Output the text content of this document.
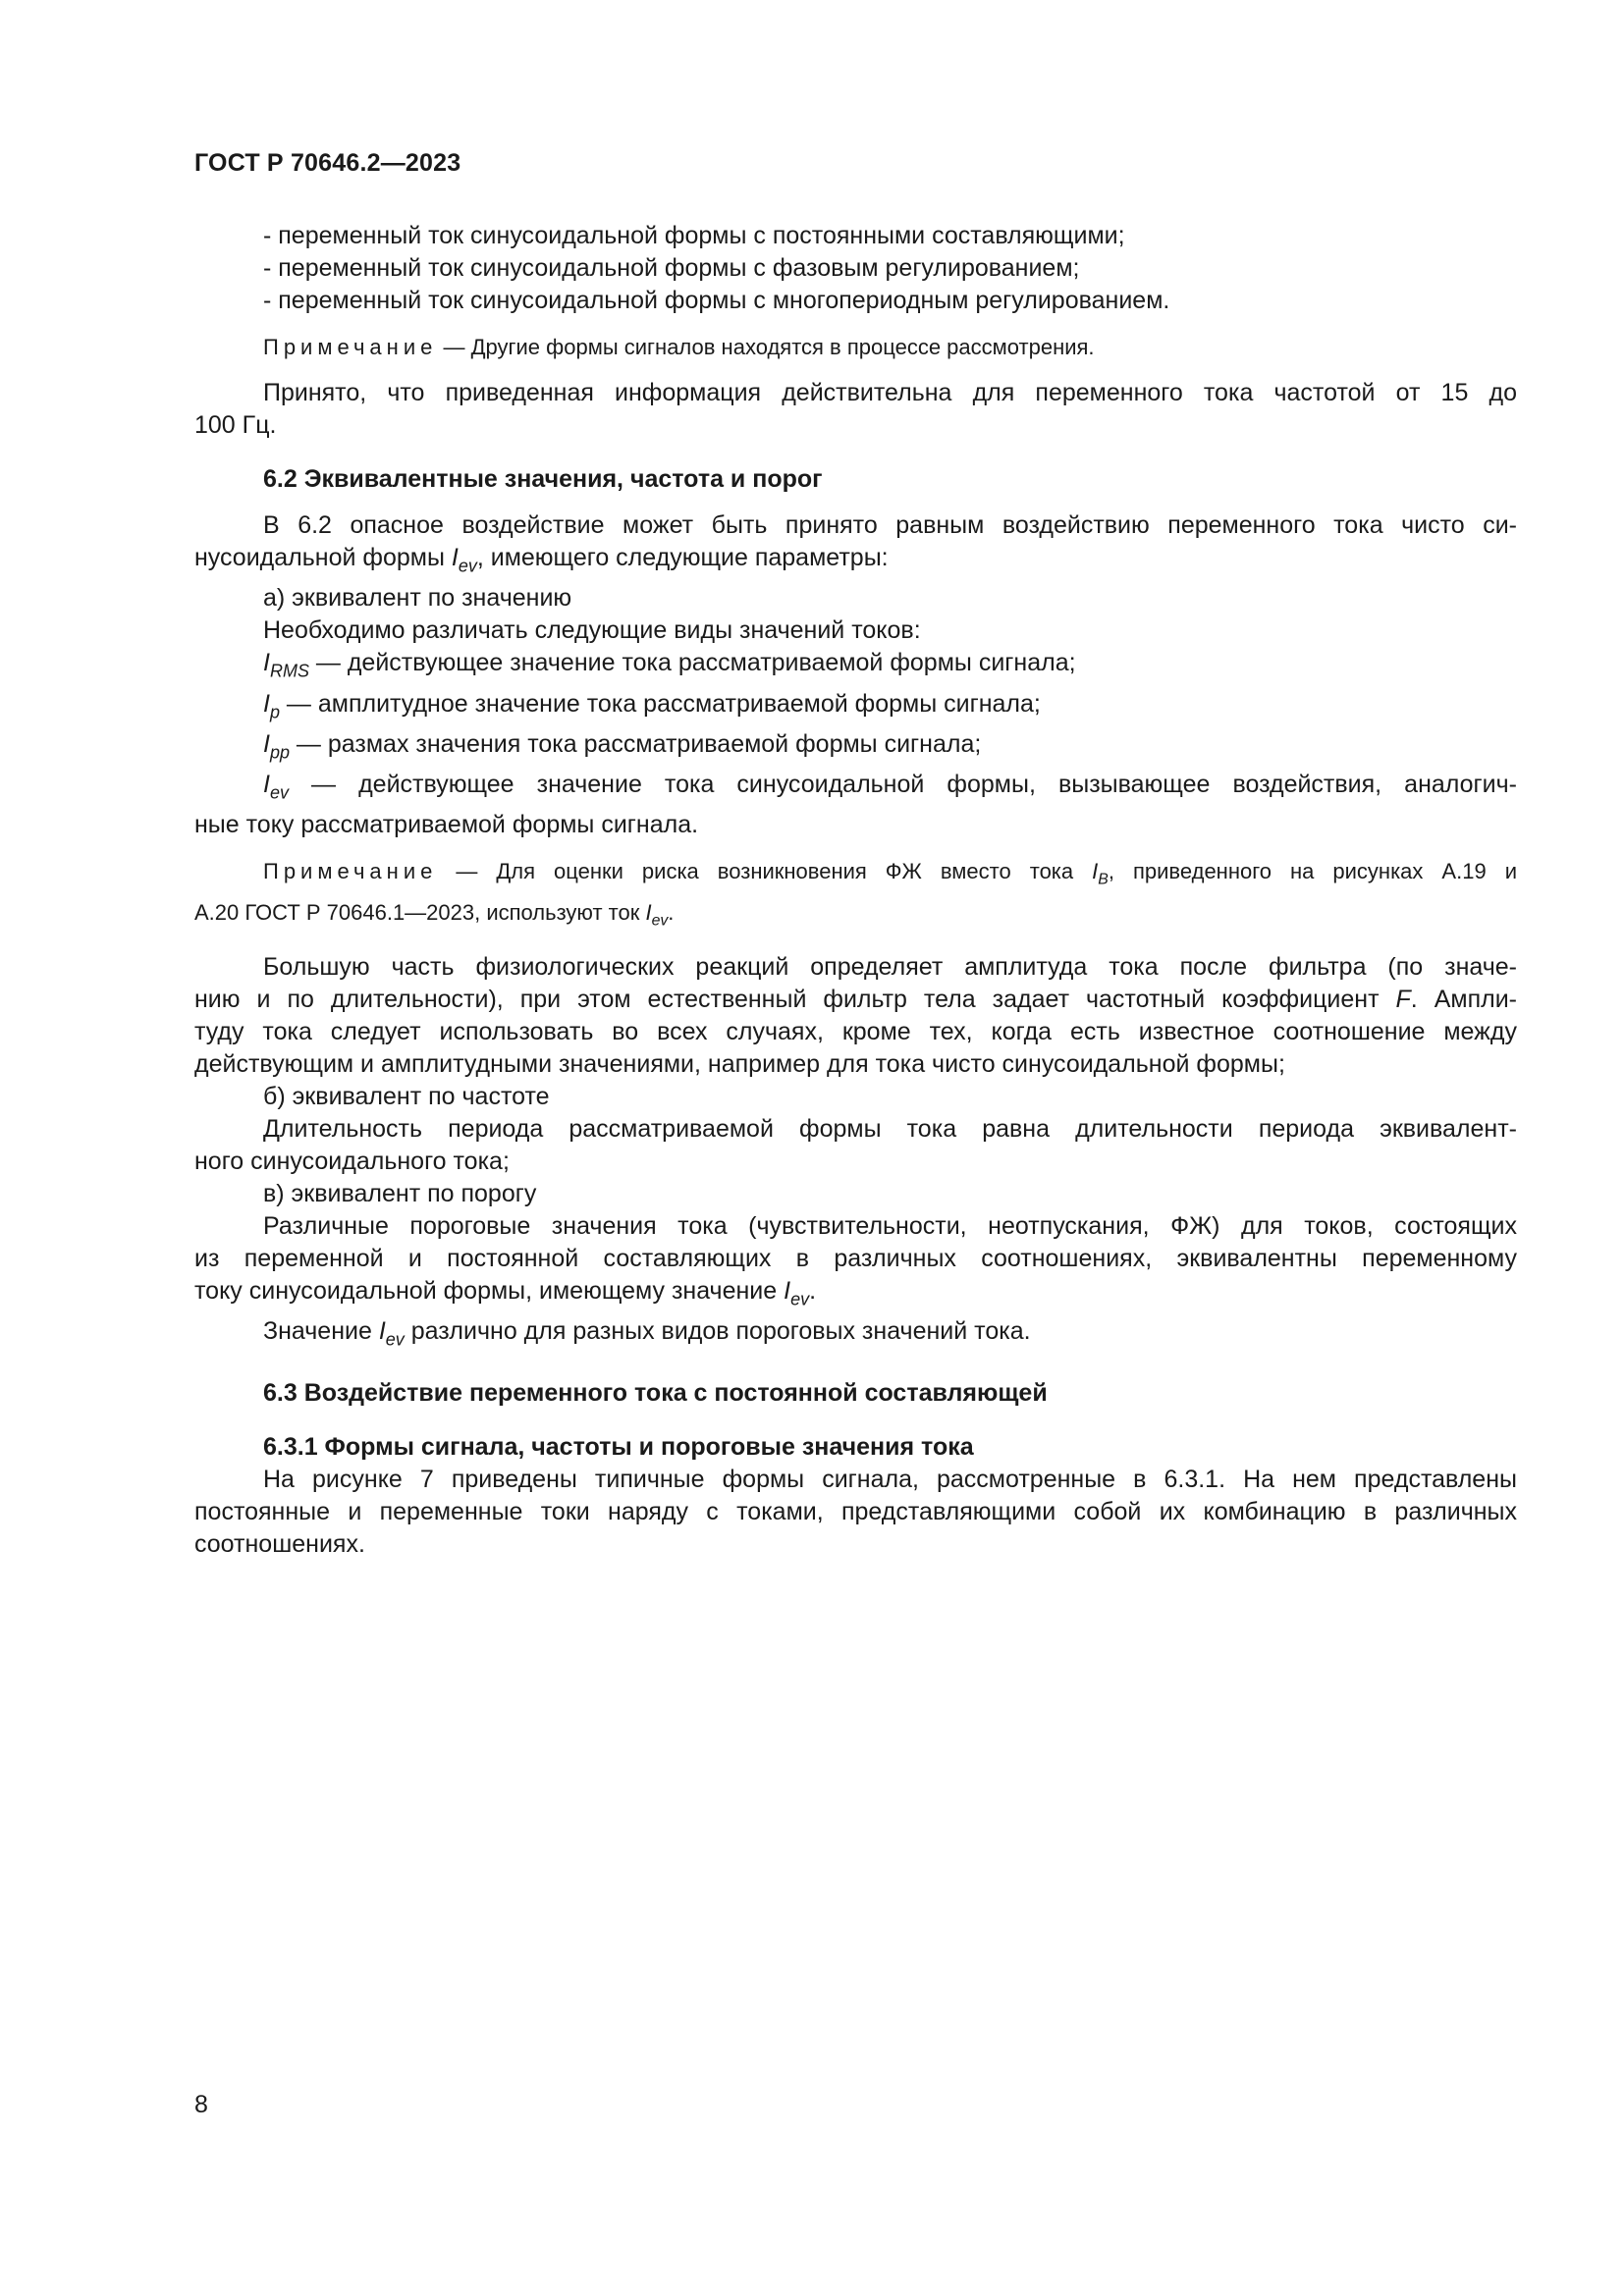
ГОСТ Р 70646.2—2023
- переменный ток синусоидальной формы с постоянными составляющими;
- переменный ток синусоидальной формы с фазовым регулированием;
- переменный ток синусоидальной формы с многопериодным регулированием.
Примечание — Другие формы сигналов находятся в процессе рассмотрения.
Принято, что приведенная информация действительна для переменного тока частотой от 15 до
100 Гц.
6.2 Эквивалентные значения, частота и порог
В 6.2 опасное воздействие может быть принято равным воздействию переменного тока чисто си-
нусоидальной формы $I_{ev}$, имеющего следующие параметры:
а) эквивалент по значению
Необходимо различать следующие виды значений токов:
$I_{RMS}$ — действующее значение тока рассматриваемой формы сигнала;
$I_p$ — амплитудное значение тока рассматриваемой формы сигнала;
$I_{pp}$ — размах значения тока рассматриваемой формы сигнала;
$I_{ev}$ — действующее значение тока синусоидальной формы, вызывающее воздействия, аналогич-
ные току рассматриваемой формы сигнала.
Примечание — Для оценки риска возникновения ФЖ вместо тока $I_B$, приведенного на рисунках А.19 и
А.20 ГОСТ Р 70646.1—2023, используют ток $I_{ev}$.
Большую часть физиологических реакций определяет амплитуда тока после фильтра (по значе-
нию и по длительности), при этом естественный фильтр тела задает частотный коэффициент F. Ампли-
туду тока следует использовать во всех случаях, кроме тех, когда есть известное соотношение между
действующим и амплитудными значениями, например для тока чисто синусоидальной формы;
б) эквивалент по частоте
Длительность периода рассматриваемой формы тока равна длительности периода эквивалент-
ного синусоидального тока;
в) эквивалент по порогу
Различные пороговые значения тока (чувствительности, неотпускания, ФЖ) для токов, состоящих
из переменной и постоянной составляющих в различных соотношениях, эквивалентны переменному
току синусоидальной формы, имеющему значение $I_{ev}$.
Значение $I_{ev}$ различно для разных видов пороговых значений тока.
6.3 Воздействие переменного тока с постоянной составляющей
6.3.1 Формы сигнала, частоты и пороговые значения тока
На рисунке 7 приведены типичные формы сигнала, рассмотренные в 6.3.1. На нем представлены
постоянные и переменные токи наряду с токами, представляющими собой их комбинацию в различных
соотношениях.
8
